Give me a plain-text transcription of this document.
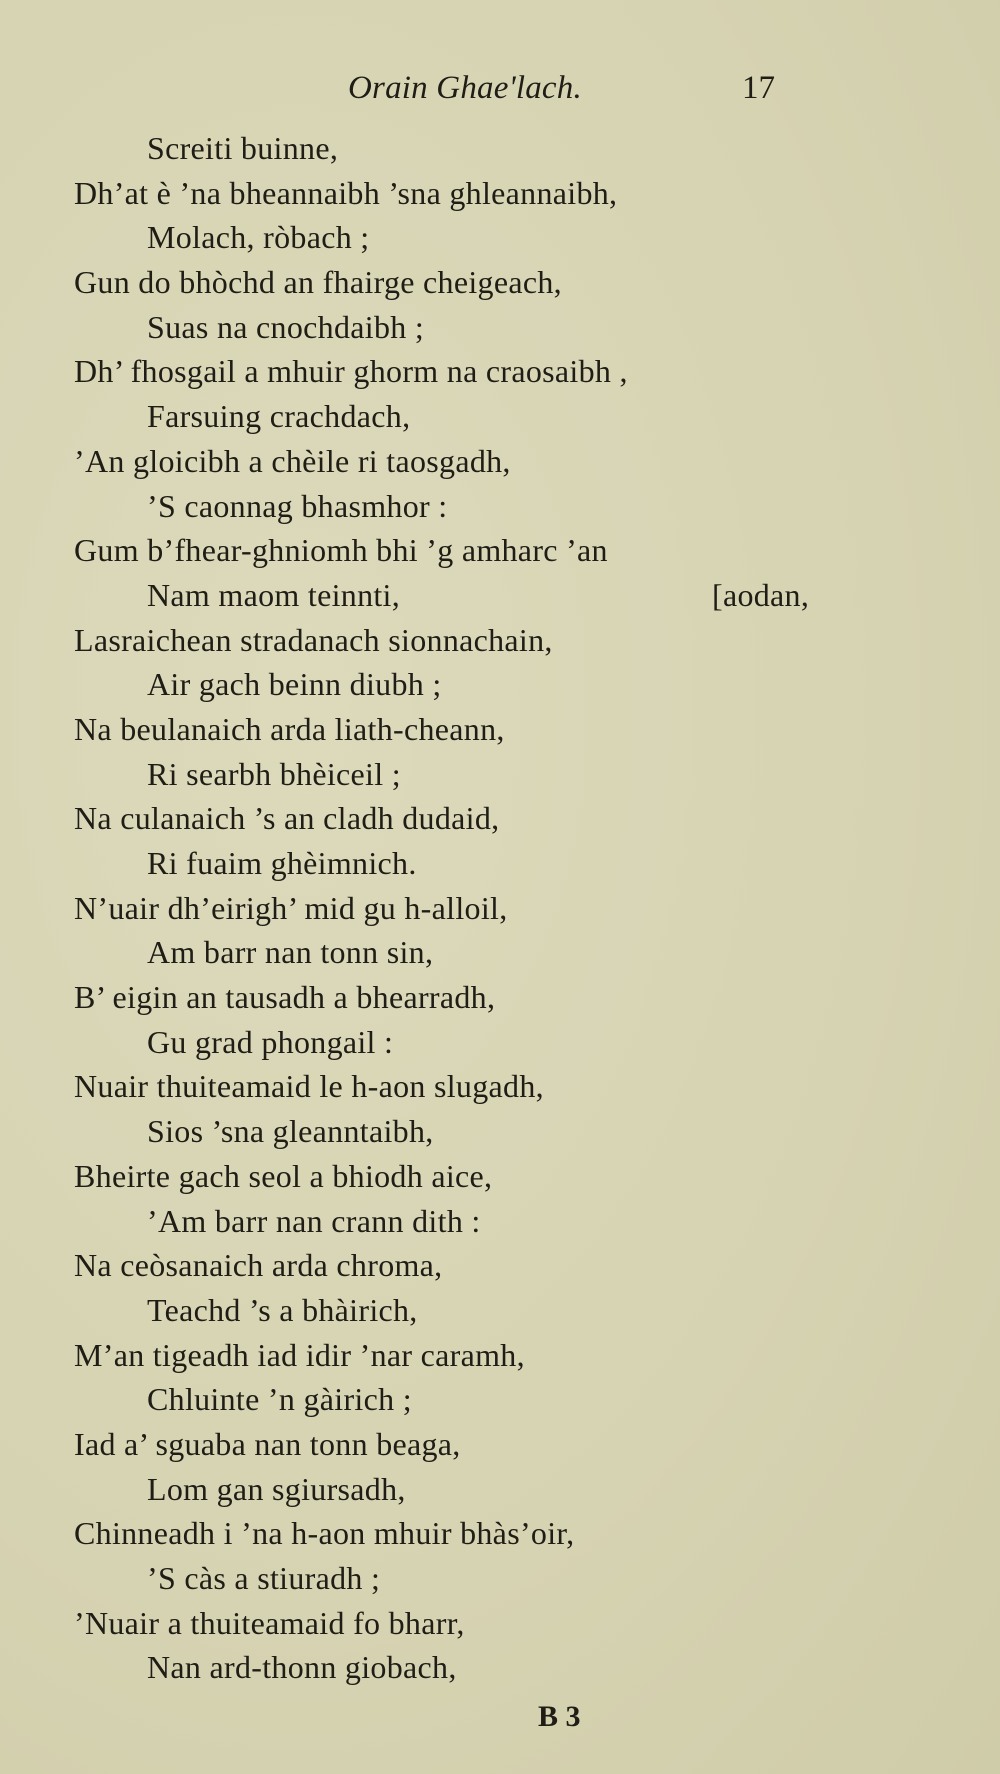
Orain Ghae'lach.	17
Screiti buinne,
Dh’at è ’na bheannaibh ’sna ghleannaibh,
Molach, ròbach ;
Gun do bhòchd an fhairge cheigeach,
Suas na cnochdaibh ;
Dh’ fhosgail a mhuir ghorm na craosaibh ,
Farsuing crachdach,
’An gloicibh a chèile ri taosgadh,
’S caonnag bhasmhor :
Gum b’fhear-ghniomh bhi ’g amharc ’an
Nam maom teinnti,	[aodan,
Lasraichean stradanach sionnachain,
Air gach beinn diubh ;
Na beulanaich arda liath-cheann,
Ri searbh bhèiceil ;
Na culanaich ’s an cladh dudaid,
Ri fuaim ghèimnich.
N’uair dh’eirigh’ mid gu h-alloil,
Am barr nan tonn sin,
B’ eigin an tausadh a bhearradh,
Gu grad phongail :
Nuair thuiteamaid le h-aon slugadh,
Sios ’sna gleanntaibh,
Bheirte gach seol a bhiodh aice,
’Am barr nan crann dith :
Na ceòsanaich arda chroma,
Teachd ’s a bhàirich,
M’an tigeadh iad idir ’nar caramh,
Chluinte ’n gàirich ;
Iad a’ sguaba nan tonn beaga,
Lom gan sgiursadh,
Chinneadh i ’na h-aon mhuir bhàs’oir,
’S càs a stiuradh ;
’Nuair a thuiteamaid fo bharr,
Nan ard-thonn giobach,
B 3
